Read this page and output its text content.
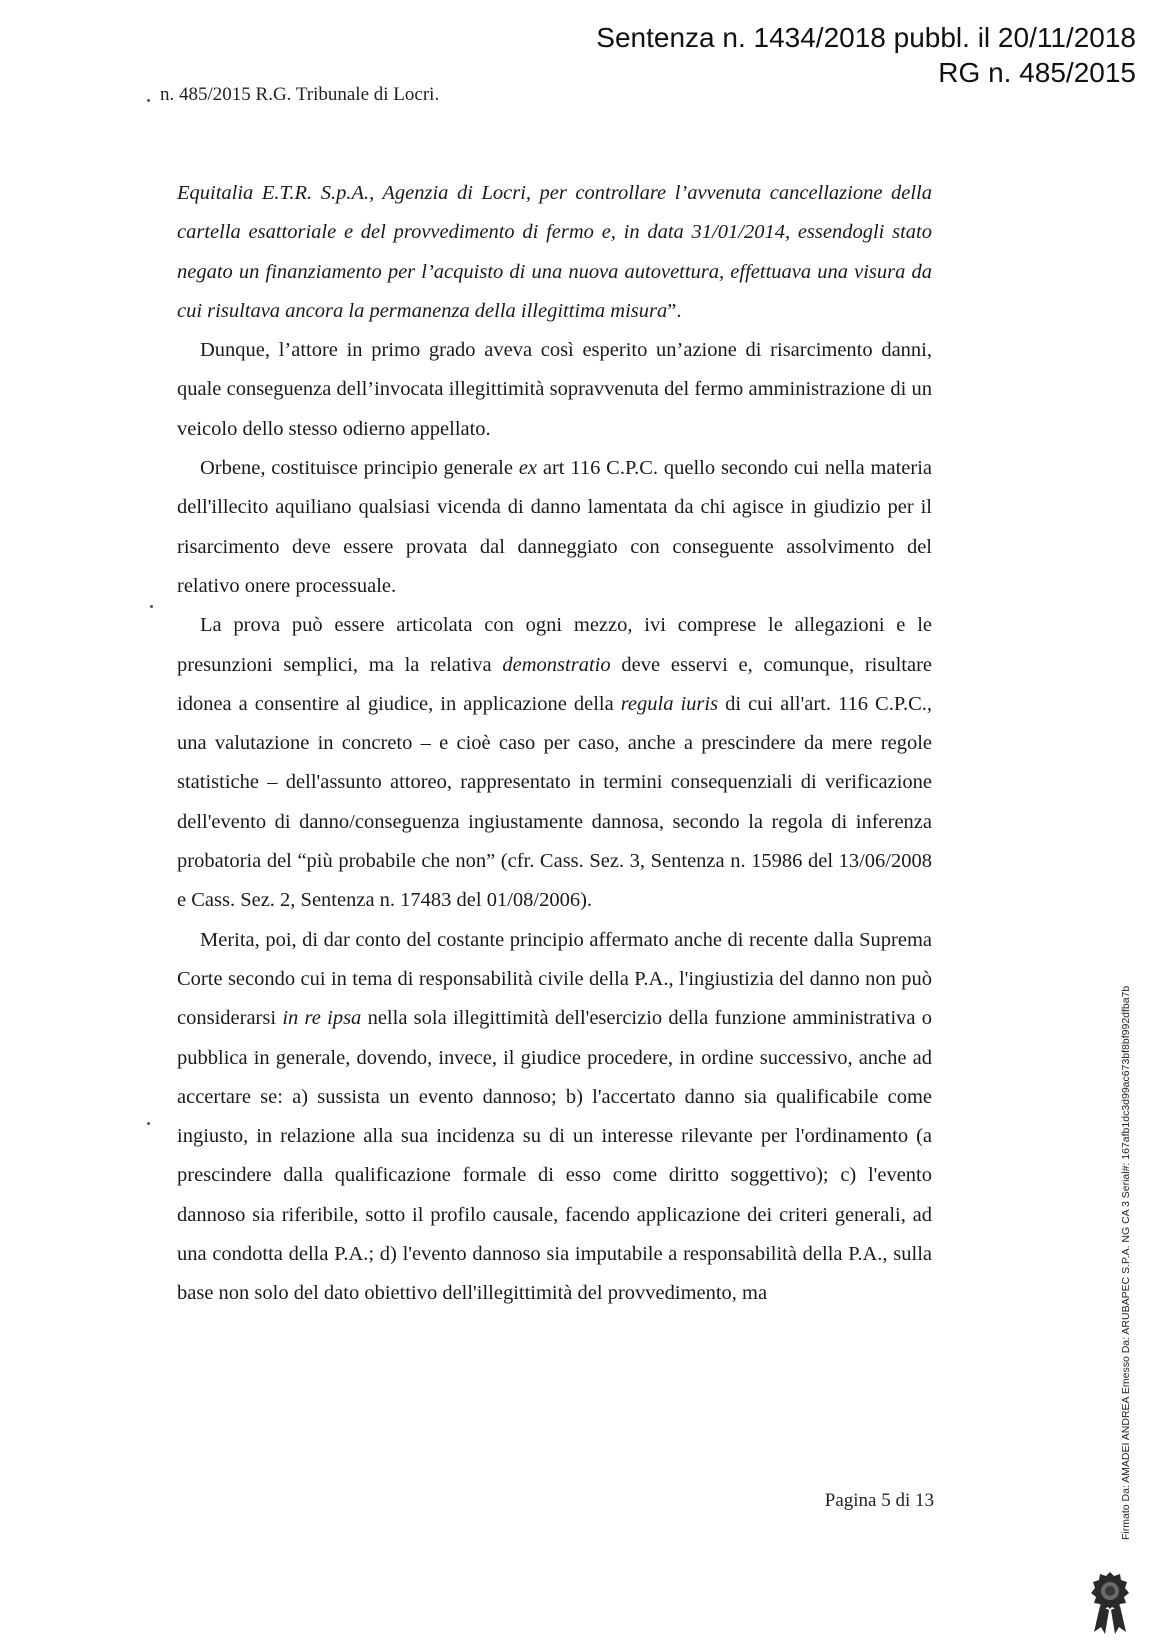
Sentenza n. 1434/2018 pubbl. il 20/11/2018
RG n. 485/2015
n. 485/2015 R.G. Tribunale di Locri.

Equitalia E.T.R. S.p.A., Agenzia di Locri, per controllare l’avvenuta cancellazione della cartella esattoriale e del provvedimento di fermo e, in data 31/01/2014, essendogli stato negato un finanziamento per l’acquisto di una nuova autovettura, effettuava una visura da cui risultava ancora la permanenza della illegittima misura”.

Dunque, l’attore in primo grado aveva così esperito un’azione di risarcimento danni, quale conseguenza dell’invocata illegittimità sopravvenuta del fermo amministrazione di un veicolo dello stesso odierno appellato.

Orbene, costituisce principio generale ex art 116 C.P.C. quello secondo cui nella materia dell'illecito aquiliano qualsiasi vicenda di danno lamentata da chi agisce in giudizio per il risarcimento deve essere provata dal danneggiato con conseguente assolvimento del relativo onere processuale.

La prova può essere articolata con ogni mezzo, ivi comprese le allegazioni e le presunzioni semplici, ma la relativa demonstratio deve esservi e, comunque, risultare idonea a consentire al giudice, in applicazione della regula iuris di cui all'art. 116 C.P.C., una valutazione in concreto – e cioè caso per caso, anche a prescindere da mere regole statistiche – dell'assunto attoreo, rappresentato in termini consequenziali di verificazione dell'evento di danno/conseguenza ingiustamente dannosa, secondo la regola di inferenza probatoria del “più probabile che non” (cfr. Cass. Sez. 3, Sentenza n. 15986 del 13/06/2008 e Cass. Sez. 2, Sentenza n. 17483 del 01/08/2006).

Merita, poi, di dar conto del costante principio affermato anche di recente dalla Suprema Corte secondo cui in tema di responsabilità civile della P.A., l'ingiustizia del danno non può considerarsi in re ipsa nella sola illegittimità dell'esercizio della funzione amministrativa o pubblica in generale, dovendo, invece, il giudice procedere, in ordine successivo, anche ad accertare se: a) sussista un evento dannoso; b) l'accertato danno sia qualificabile come ingiusto, in relazione alla sua incidenza su di un interesse rilevante per l'ordinamento (a prescindere dalla qualificazione formale di esso come diritto soggettivo); c) l'evento dannoso sia riferibile, sotto il profilo causale, facendo applicazione dei criteri generali, ad una condotta della P.A.; d) l'evento dannoso sia imputabile a responsabilità della P.A., sulla base non solo del dato obiettivo dell'illegittimità del provvedimento, ma

Pagina 5 di 13	Firmato Da: AMADEI ANDREA Emesso Da: ARUBAPEC S.P.A. NG CA 3 Serial#: 167afb1dc3d99ac673bf8bf992dfba7b
